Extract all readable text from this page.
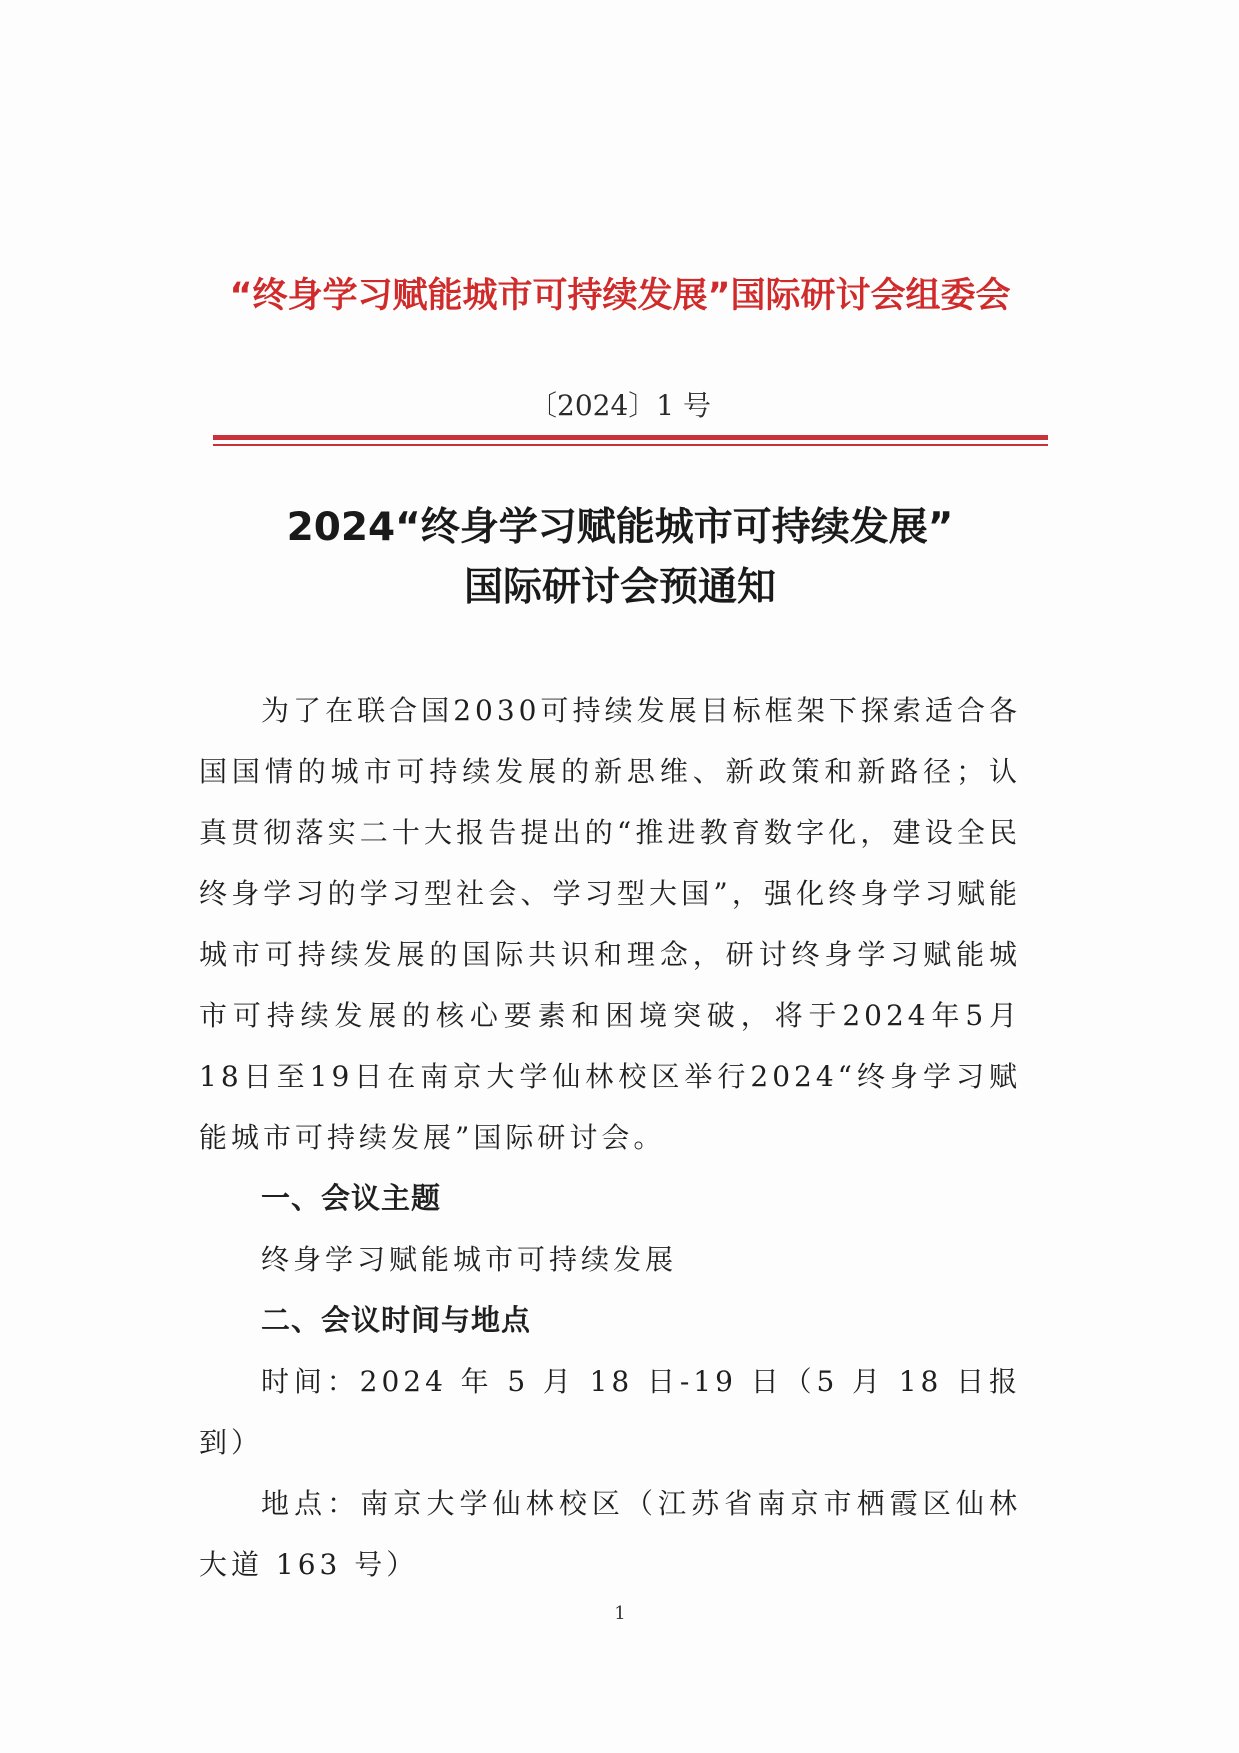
“终身学习赋能城市可持续发展”国际研讨会组委会
〔2024〕1 号
2024“终身学习赋能城市可持续发展”
国际研讨会预通知

为了在联合国2030可持续发展目标框架下探索适合各国国情的城市可持续发展的新思维、新政策和新路径；认真贯彻落实二十大报告提出的“推进教育数字化，建设全民终身学习的学习型社会、学习型大国”，强化终身学习赋能城市可持续发展的国际共识和理念，研讨终身学习赋能城市可持续发展的核心要素和困境突破，将于2024年5月18日至19日在南京大学仙林校区举行2024“终身学习赋能城市可持续发展”国际研讨会。

一、会议主题

终身学习赋能城市可持续发展

二、会议时间与地点

时间：2024 年 5 月 18 日-19 日（5 月 18 日报到）

地点：南京大学仙林校区（江苏省南京市栖霞区仙林大道 163 号）

1
